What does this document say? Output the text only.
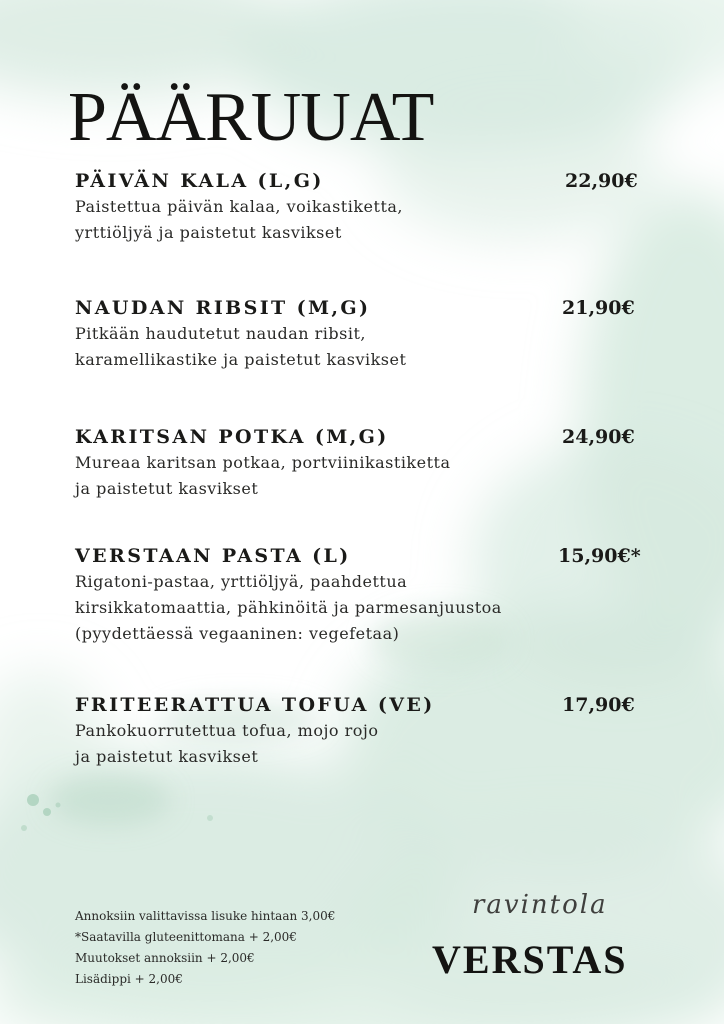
PÄÄRUUAT
PÄIVÄN KALA (L,G)	22,90€
Paistettua päivän kalaa, voikastiketta,
yrttiöljyä ja paistetut kasvikset
NAUDAN RIBSIT (M,G)	21,90€
Pitkään haudutetut naudan ribsit,
karamellikastike ja paistetut kasvikset
KARITSAN POTKA (M,G)	24,90€
Mureaa karitsan potkaa, portviinikastiketta
ja paistetut kasvikset
VERSTAAN PASTA (L)	15,90€*
Rigatoni-pastaa, yrttiöljyä, paahdettua
kirsikkatomaattia, pähkinöitä ja parmesanjuustoa
(pyydettäessä vegaaninen: vegefetaa)
FRITEERATTUA TOFUA (VE)	17,90€
Pankokuorrutettua tofua, mojo rojo
ja paistetut kasvikset
Annoksiin valittavissa lisuke hintaan 3,00€
*Saatavilla gluteenittomana + 2,00€
Muutokset annoksiin + 2,00€
Lisädippi + 2,00€
ravintola
VERSTAS
